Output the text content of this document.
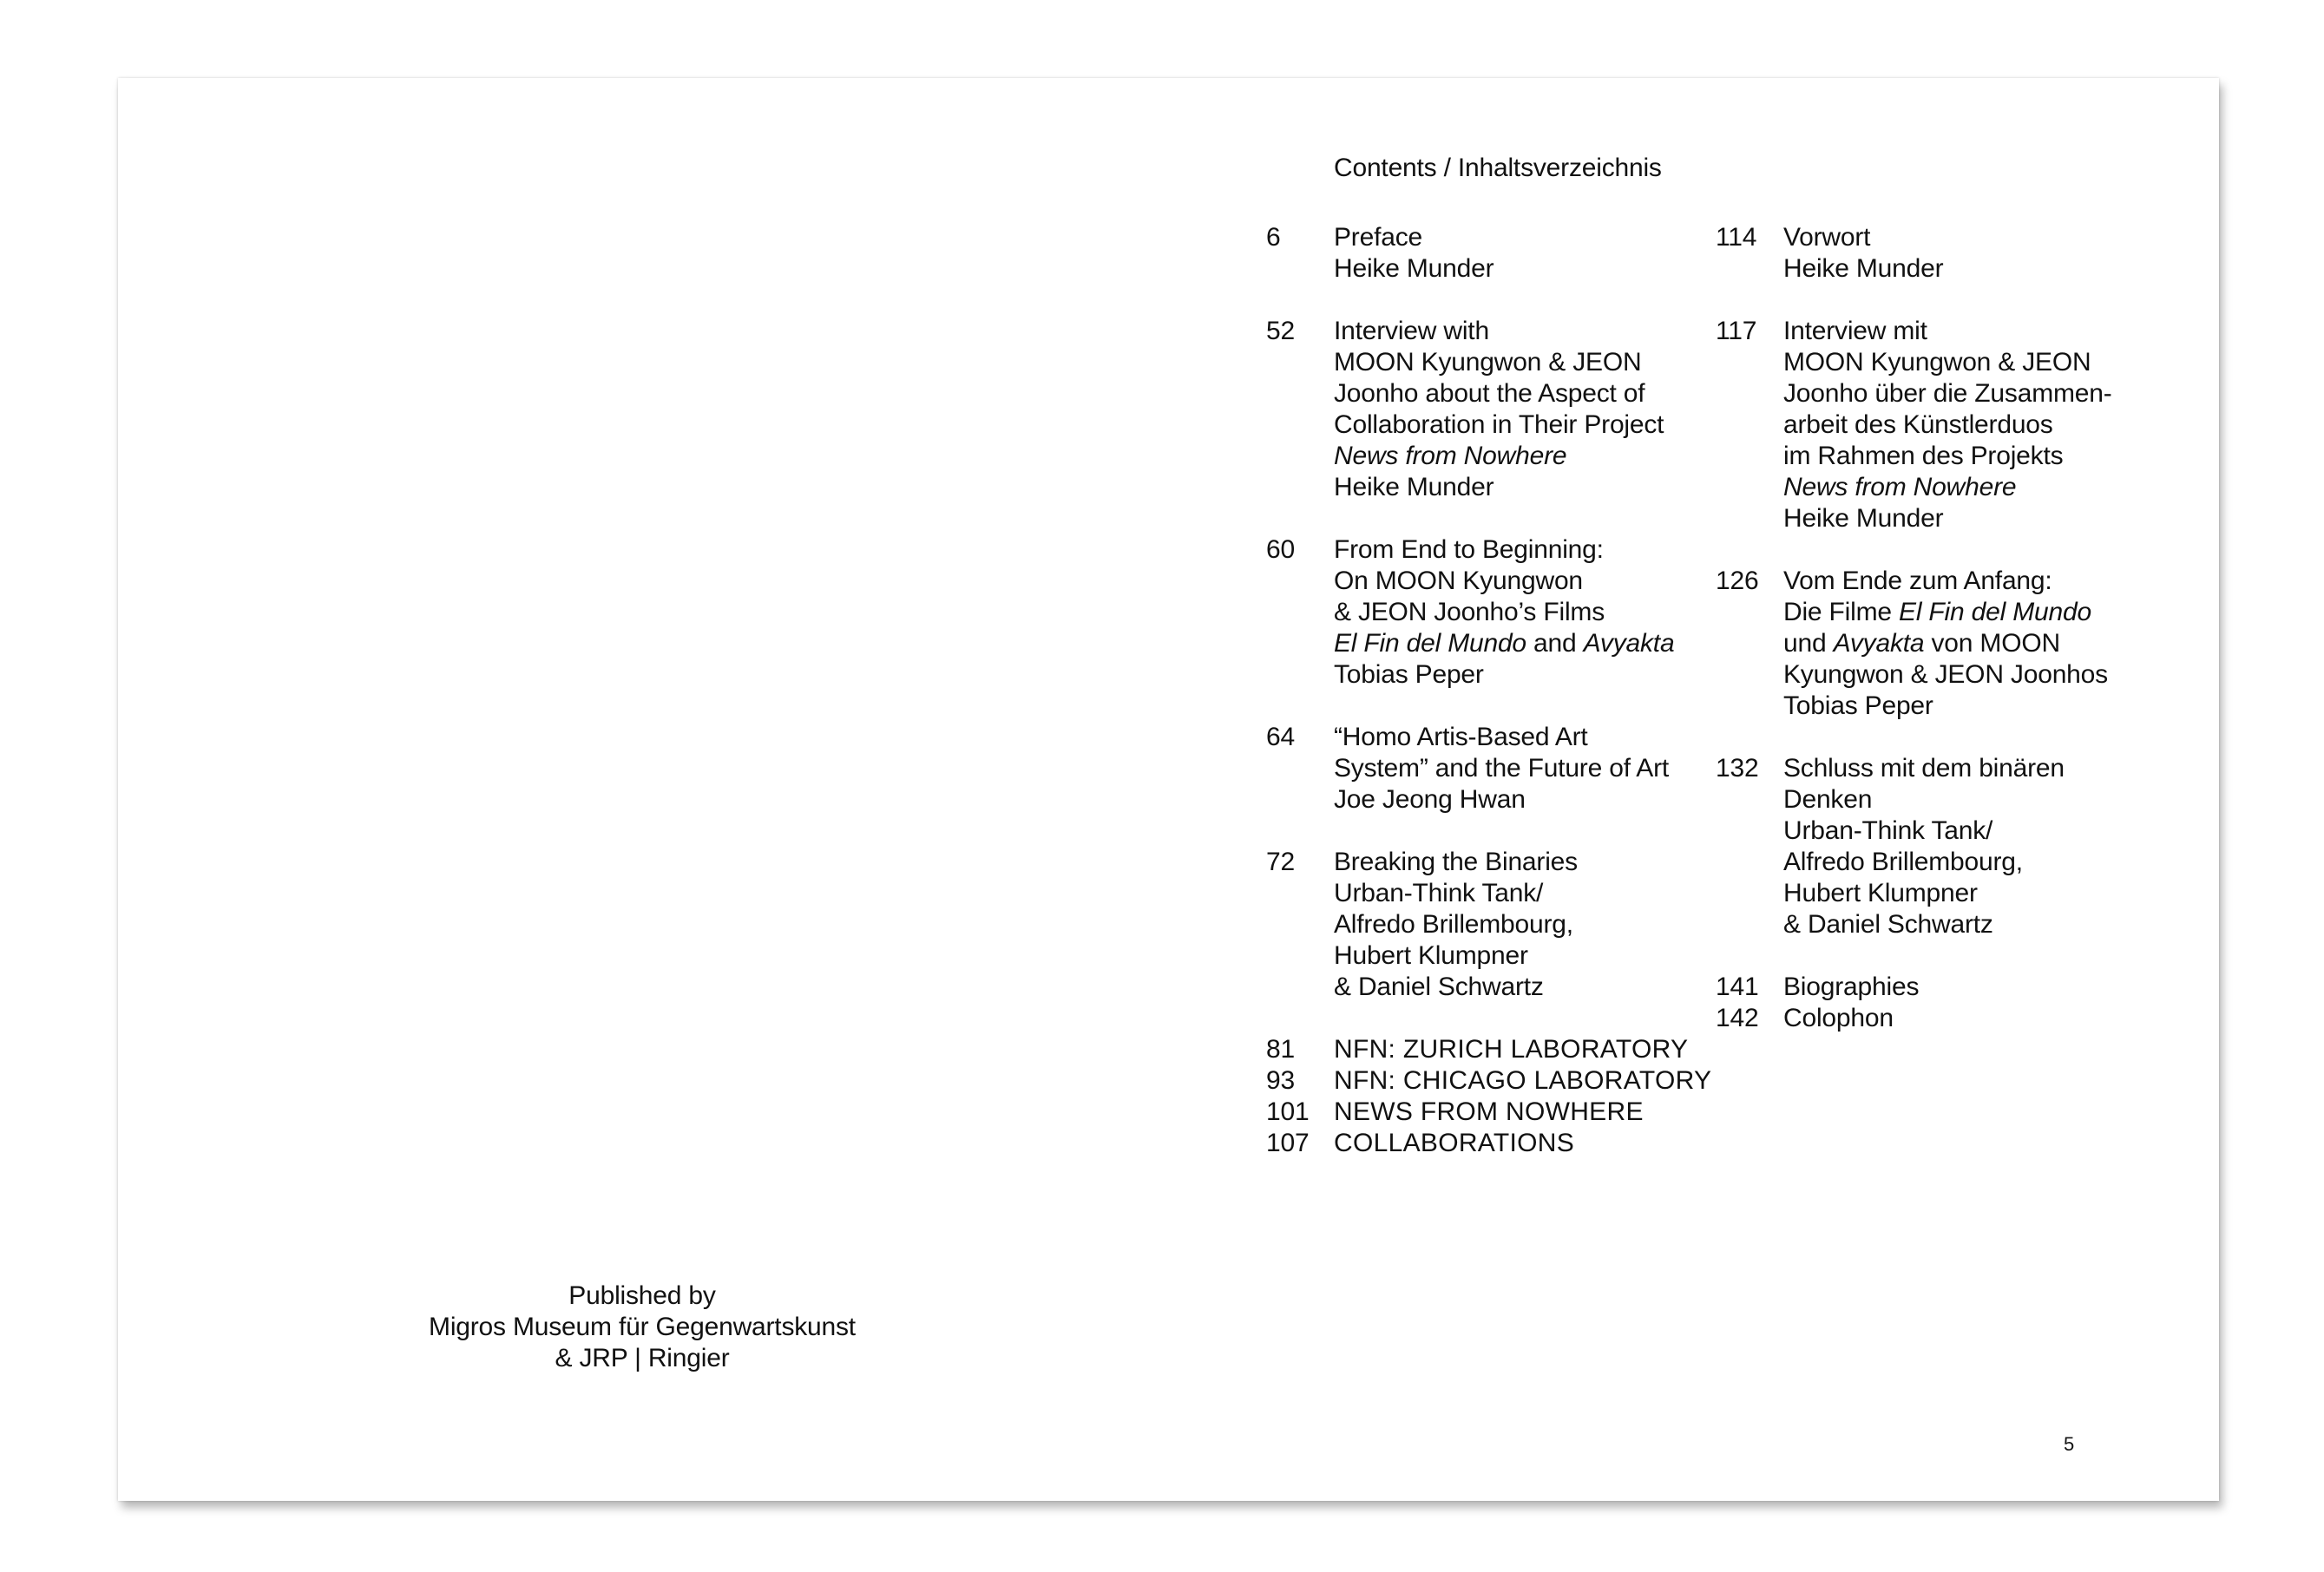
Contents / Inhaltsverzeichnis
6 Preface
Heike Munder
52 Interview with
MOON Kyungwon & JEON
Joonho about the Aspect of
Collaboration in Their Project
News from Nowhere
Heike Munder
60 From End to Beginning:
On MOON Kyungwon
& JEON Joonho’s Films
El Fin del Mundo and Avyakta
Tobias Peper
64 “Homo Artis-Based Art
System” and the Future of Art
Joe Jeong Hwan
72 Breaking the Binaries
Urban-Think Tank/
Alfredo Brillembourg,
Hubert Klumpner
& Daniel Schwartz
81 NFN: ZURICH LABORATORY
93 NFN: CHICAGO LABORATORY
101 NEWS FROM NOWHERE
107 COLLABORATIONS
114 Vorwort
Heike Munder
117 Interview mit
MOON Kyungwon & JEON
Joonho über die Zusammen-
arbeit des Künstlerduos
im Rahmen des Projekts
News from Nowhere
Heike Munder
126 Vom Ende zum Anfang:
Die Filme El Fin del Mundo
und Avyakta von MOON
Kyungwon & JEON Joonhos
Tobias Peper
132 Schluss mit dem binären
Denken
Urban-Think Tank/
Alfredo Brillembourg,
Hubert Klumpner
& Daniel Schwartz
141 Biographies
142 Colophon
Published by
Migros Museum für Gegenwartskunst
& JRP | Ringier
5
